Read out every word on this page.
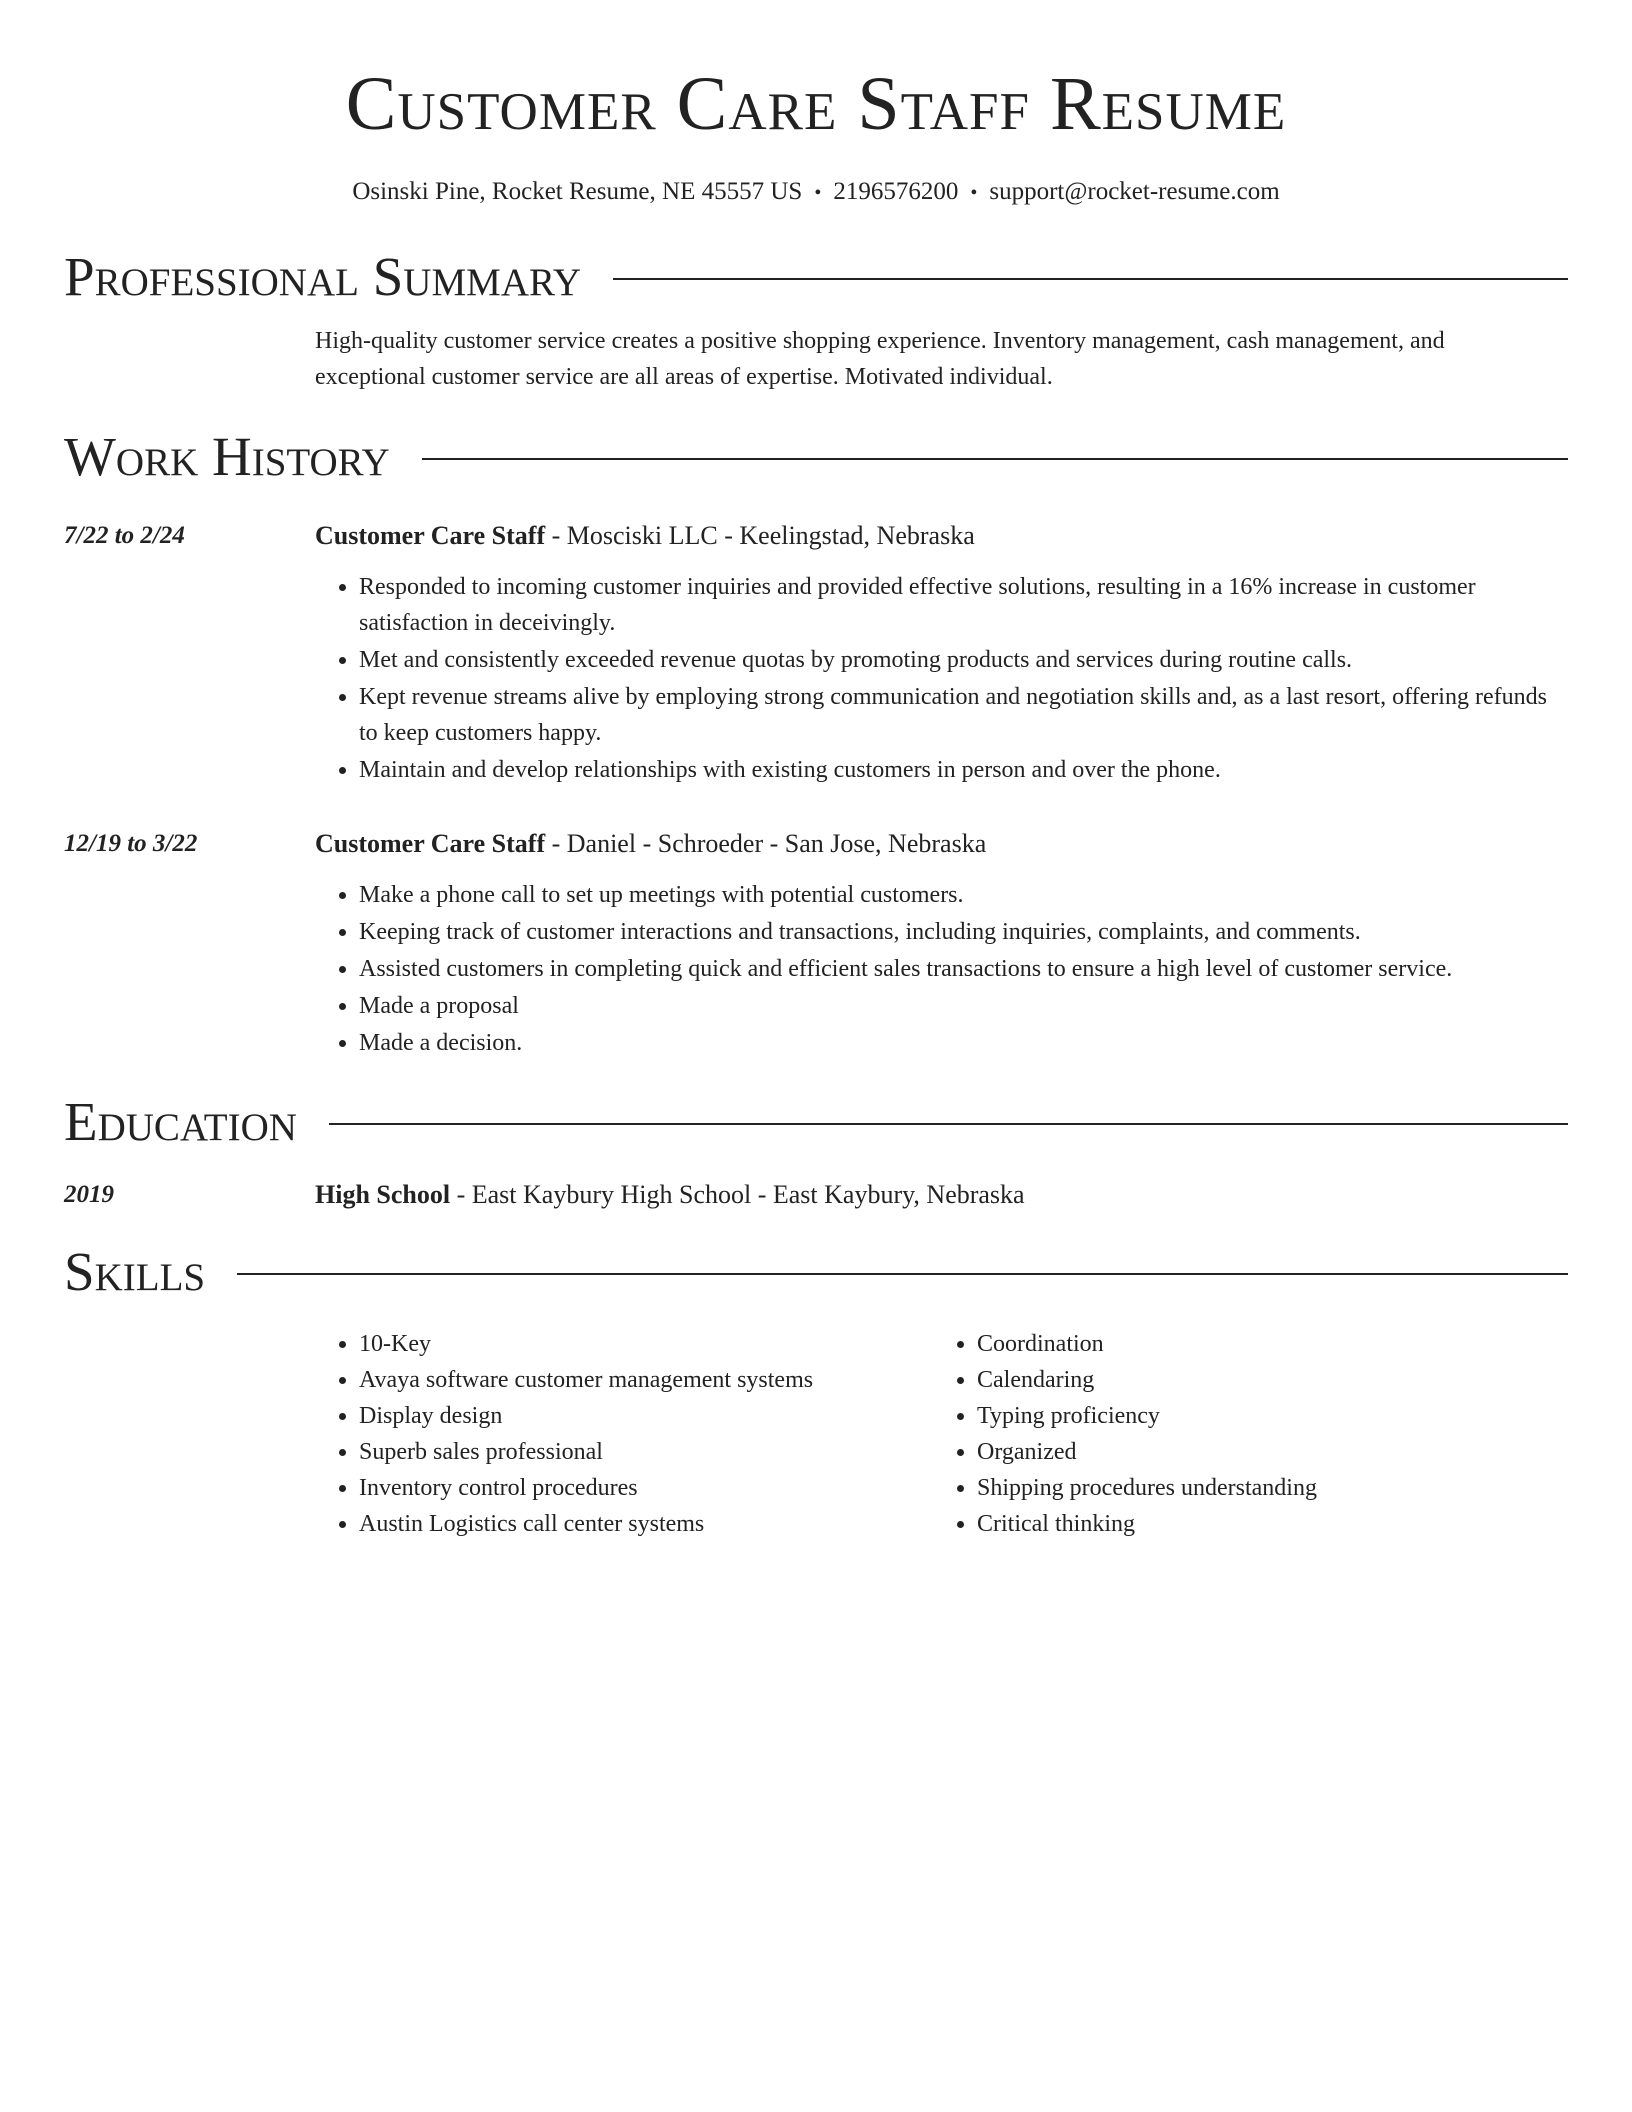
Customer Care Staff Resume
Osinski Pine, Rocket Resume, NE 45557 US • 2196576200 • support@rocket-resume.com
Professional Summary

High-quality customer service creates a positive shopping experience. Inventory management, cash management, and exceptional customer service are all areas of expertise. Motivated individual.

Work History
7/22 to 2/24	Customer Care Staff - Mosciski LLC - Keelingstad, Nebraska
• Responded to incoming customer inquiries and provided effective solutions, resulting in a 16% increase in customer satisfaction in deceivingly.
• Met and consistently exceeded revenue quotas by promoting products and services during routine calls.
• Kept revenue streams alive by employing strong communication and negotiation skills and, as a last resort, offering refunds to keep customers happy.
• Maintain and develop relationships with existing customers in person and over the phone.
12/19 to 3/22	Customer Care Staff - Daniel - Schroeder - San Jose, Nebraska
• Make a phone call to set up meetings with potential customers.
• Keeping track of customer interactions and transactions, including inquiries, complaints, and comments.
• Assisted customers in completing quick and efficient sales transactions to ensure a high level of customer service.
• Made a proposal
• Made a decision.
Education
2019	High School - East Kaybury High School - East Kaybury, Nebraska
Skills
• 10-Key
• Avaya software customer management systems
• Display design
• Superb sales professional
• Inventory control procedures
• Austin Logistics call center systems
• Coordination
• Calendaring
• Typing proficiency
• Organized
• Shipping procedures understanding
• Critical thinking
